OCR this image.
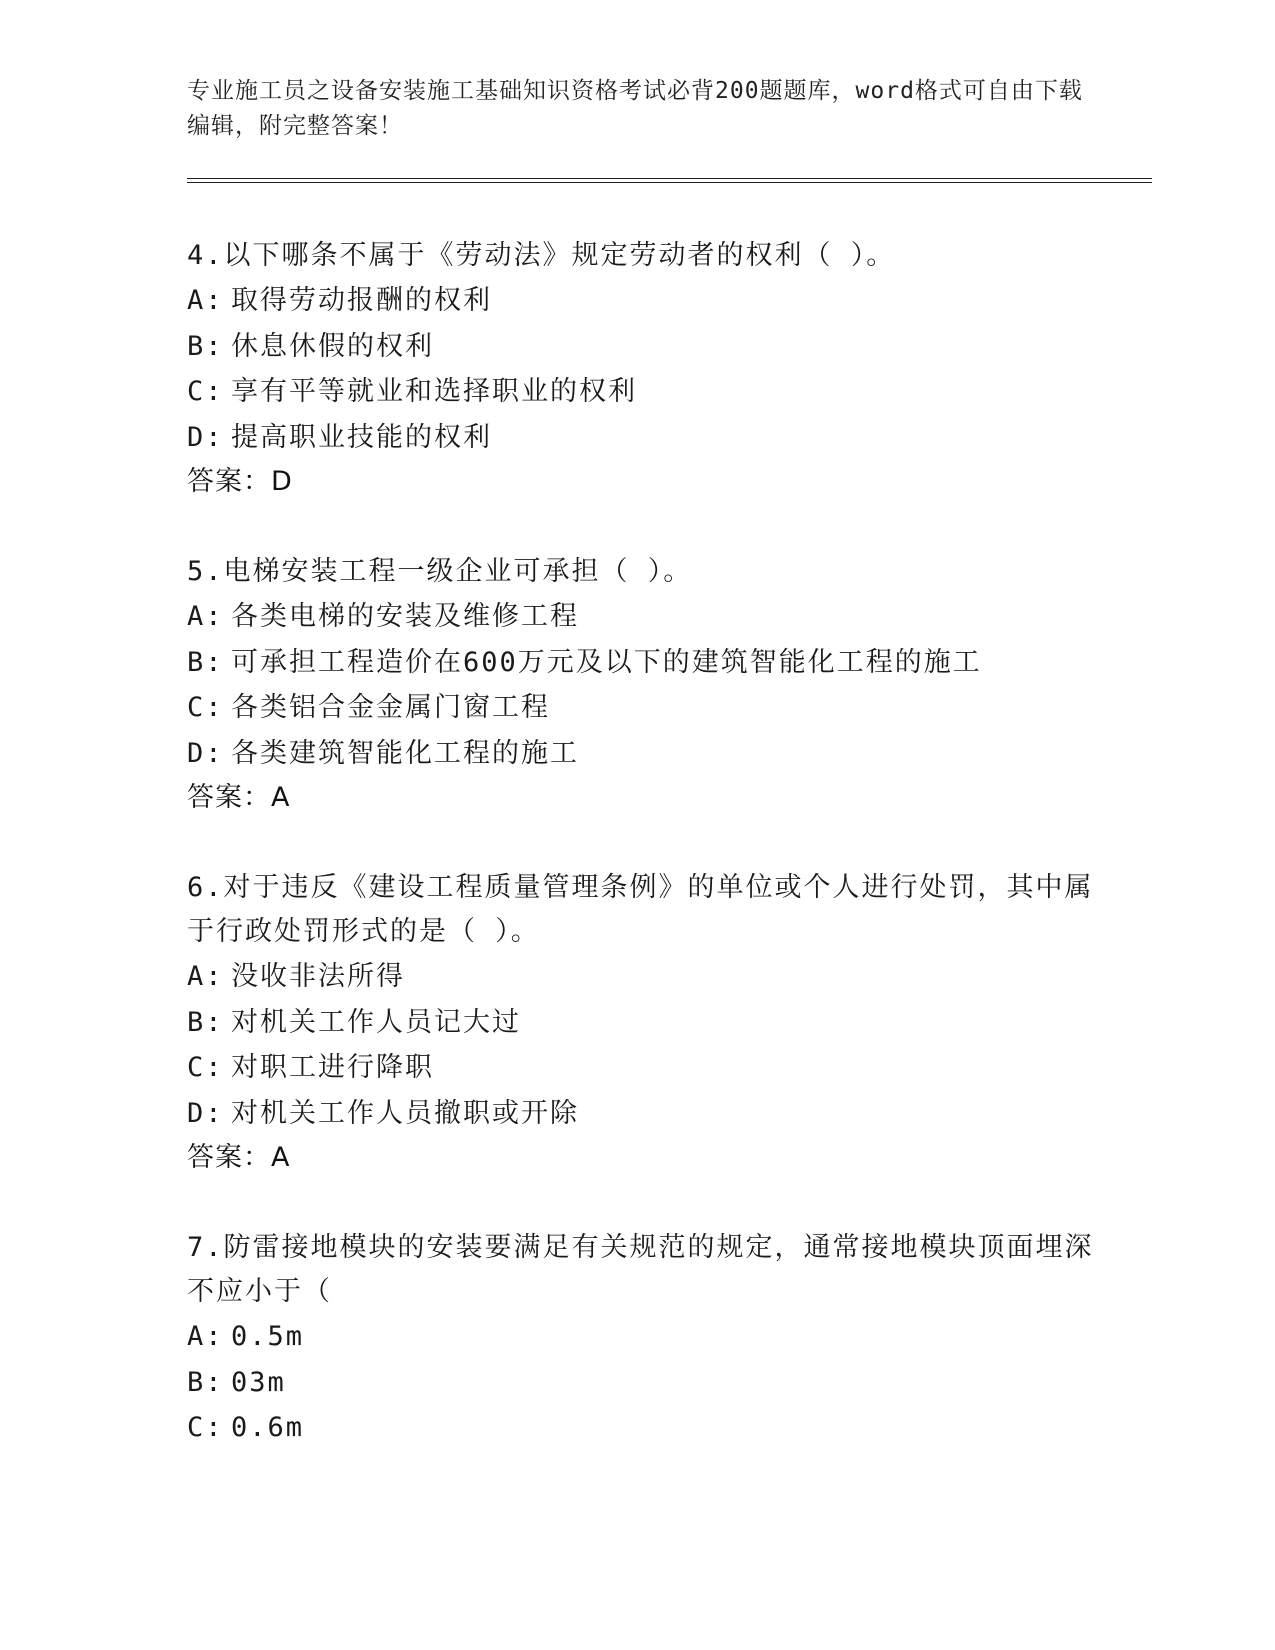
专业施工员之设备安装施工基础知识资格考试必背200题题库，word格式可自由下载编辑，附完整答案！

4.以下哪条不属于《劳动法》规定劳动者的权利（ ）。

A: 取得劳动报酬的权利

B: 休息休假的权利

C: 享有平等就业和选择职业的权利

D: 提高职业技能的权利

答案：D

5.电梯安装工程一级企业可承担（ ）。

A: 各类电梯的安装及维修工程

B: 可承担工程造价在600万元及以下的建筑智能化工程的施工

C: 各类铝合金金属门窗工程

D: 各类建筑智能化工程的施工

答案：A

6.对于违反《建设工程质量管理条例》的单位或个人进行处罚，其中属于行政处罚形式的是（ ）。

A: 没收非法所得

B: 对机关工作人员记大过

C: 对职工进行降职

D: 对机关工作人员撤职或开除

答案：A

7.防雷接地模块的安装要满足有关规范的规定，通常接地模块顶面埋深不应小于（

A: 0.5m

B: 03m

C: 0.6m
